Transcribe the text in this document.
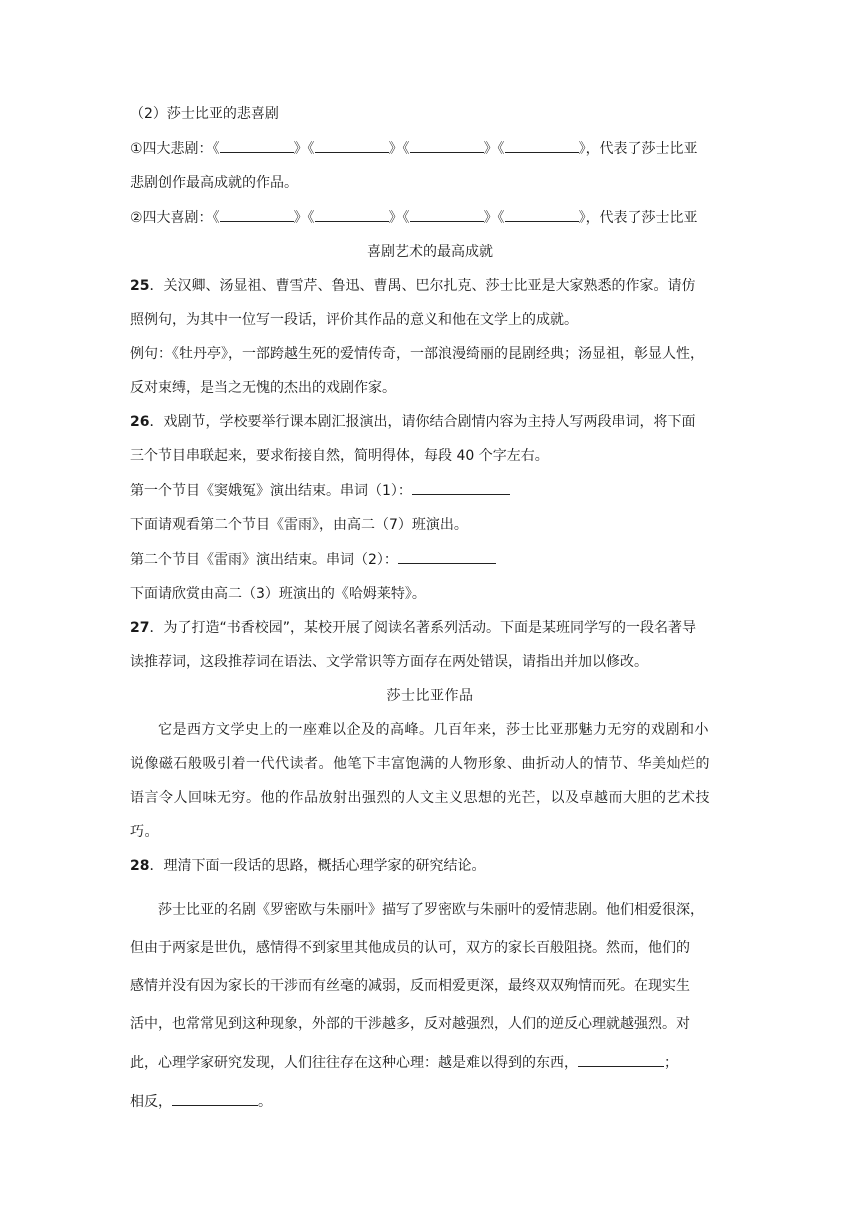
（2）莎士比亚的悲喜剧

①四大悲剧：《	》《	》《	》《	》，代表了莎士比亚

悲剧创作最高成就的作品。

②四大喜剧：《	》《	》《	》《	》，代表了莎士比亚

喜剧艺术的最高成就

25．关汉卿、汤显祖、曹雪芹、鲁迅、曹禺、巴尔扎克、莎士比亚是大家熟悉的作家。请仿

照例句，为其中一位写一段话，评价其作品的意义和他在文学上的成就。

例句：《牡丹亭》，一部跨越生死的爱情传奇，一部浪漫绮丽的昆剧经典；汤显祖，彰显人性，

反对束缚，是当之无愧的杰出的戏剧作家。

26．戏剧节，学校要举行课本剧汇报演出，请你结合剧情内容为主持人写两段串词，将下面

三个节目串联起来，要求衔接自然，简明得体，每段 40 个字左右。

第一个节目《窦娥冤》演出结束。串词（1）：

下面请观看第二个节目《雷雨》，由高二（7）班演出。

第二个节目《雷雨》演出结束。串词（2）：

下面请欣赏由高二（3）班演出的《哈姆莱特》。

27．为了打造“书香校园”，某校开展了阅读名著系列活动。下面是某班同学写的一段名著导

读推荐词，这段推荐词在语法、文学常识等方面存在两处错误，请指出并加以修改。

莎士比亚作品

它是西方文学史上的一座难以企及的高峰。几百年来，莎士比亚那魅力无穷的戏剧和小

说像磁石般吸引着一代代读者。他笔下丰富饱满的人物形象、曲折动人的情节、华美灿烂的

语言令人回味无穷。他的作品放射出强烈的人文主义思想的光芒，以及卓越而大胆的艺术技

巧。

28．理清下面一段话的思路，概括心理学家的研究结论。

莎士比亚的名剧《罗密欧与朱丽叶》描写了罗密欧与朱丽叶的爱情悲剧。他们相爱很深，

但由于两家是世仇，感情得不到家里其他成员的认可，双方的家长百般阻挠。然而，他们的

感情并没有因为家长的干涉而有丝毫的减弱，反而相爱更深，最终双双殉情而死。在现实生

活中，也常常见到这种现象，外部的干涉越多，反对越强烈，人们的逆反心理就越强烈。对

此，心理学家研究发现，人们往往存在这种心理：越是难以得到的东西，	；

相反，	。
